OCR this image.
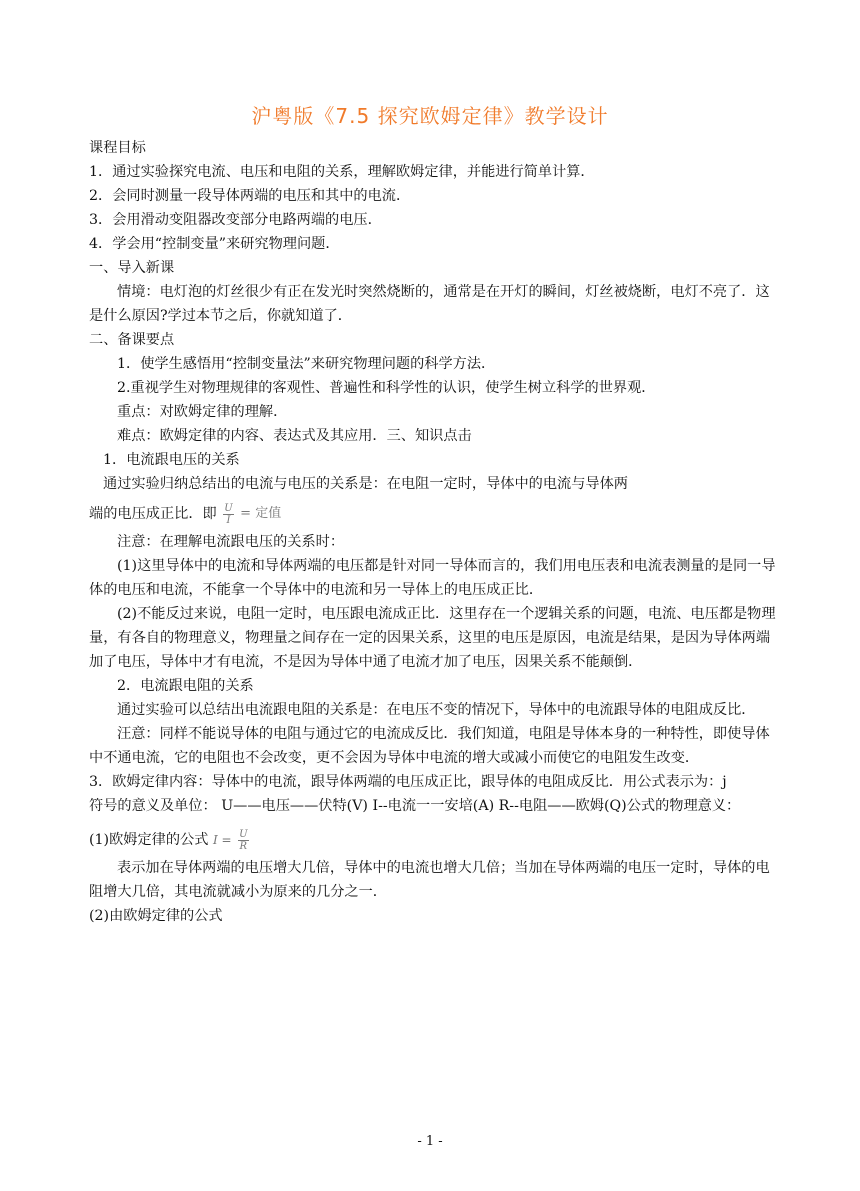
沪粤版《7.5 探究欧姆定律》教学设计

课程目标

1．通过实验探究电流、电压和电阻的关系，理解欧姆定律，并能进行简单计算．

2．会同时测量一段导体两端的电压和其中的电流．

3．会用滑动变阻器改变部分电路两端的电压．

4．学会用“控制变量”来研究物理问题．

一、导入新课

情境：电灯泡的灯丝很少有正在发光时突然烧断的，通常是在开灯的瞬间，灯丝被烧断，电灯不亮了．这是什么原因?学过本节之后，你就知道了．

二、备课要点

1．使学生感悟用“控制变量法”来研究物理问题的科学方法．

2.重视学生对物理规律的客观性、普遍性和科学性的认识，使学生树立科学的世界观．

重点：对欧姆定律的理解．

难点：欧姆定律的内容、表达式及其应用．三、知识点击

1．电流跟电压的关系

通过实验归纳总结出的电流与电压的关系是：在电阻一定时，导体中的电流与导体两

端的电压成正比．即 $\frac{U}{I}$ = 定值

注意：在理解电流跟电压的关系时：

(1)这里导体中的电流和导体两端的电压都是针对同一导体而言的，我们用电压表和电流表测量的是同一导体的电压和电流，不能拿一个导体中的电流和另一导体上的电压成正比．

(2)不能反过来说，电阻一定时，电压跟电流成正比．这里存在一个逻辑关系的问题，电流、电压都是物理量，有各自的物理意义，物理量之间存在一定的因果关系，这里的电压是原因，电流是结果，是因为导体两端加了电压，导体中才有电流，不是因为导体中通了电流才加了电压，因果关系不能颠倒．

2．电流跟电阻的关系

通过实验可以总结出电流跟电阻的关系是：在电压不变的情况下，导体中的电流跟导体的电阻成反比．

汪意：同样不能说导体的电阻与通过它的电流成反比．我们知道，电阻是导体本身的一种特性，即使导体中不通电流，它的电阻也不会改变，更不会因为导体中电流的增大或减小而使它的电阻发生改变．

3．欧姆定律内容：导体中的电流，跟导体两端的电压成正比，跟导体的电阻成反比．用公式表示为：j

符号的意义及单位： U——电压——伏特(V) I--电流一一安培(A) R--电阻——欧姆(Q)公式的物理意义：

(1)欧姆定律的公式 $I = \frac{U}{R}$

表示加在导体两端的电压增大几倍，导体中的电流也增大几倍；当加在导体两端的电压一定时，导体的电阻增大几倍，其电流就减小为原来的几分之一．

(2)由欧姆定律的公式

- 1 -
